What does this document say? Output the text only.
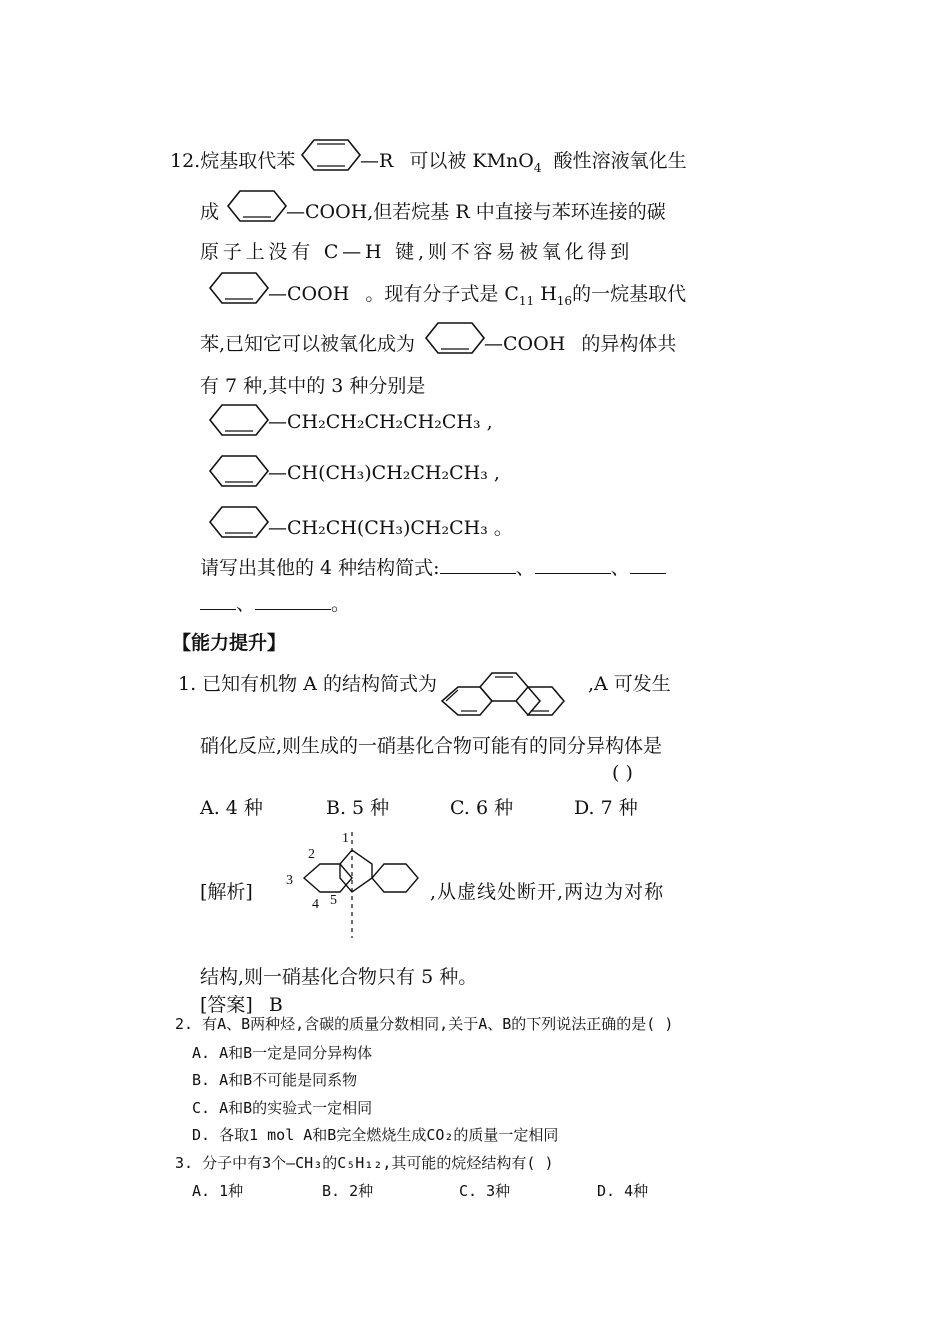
12.烷基取代苯	—R 可以被 KMnO$_4$ 酸性溶液氧化生
成	—COOH,但若烷基 R 中直接与苯环连接的碳
原子上没有 C—H 键,则不容易被氧化得到
—COOH 。现有分子式是 $C_{11}$ $H_{16}$的一烷基取代
苯,已知它可以被氧化成为	—COOH 的异构体共
有 7 种,其中的 3 种分别是
—CH₂CH₂CH₂CH₂CH₃ ,
—CH(CH₃)CH₂CH₂CH₃ ,
—CH₂CH(CH₃)CH₂CH₃ 。
请写出其他的 4 种结构简式:	、	、
、	。
【能力提升】
1. 已知有机物 A 的结构简式为	,A 可发生
硝化反应,则生成的一硝基化合物可能有的同分异构体是
( )
A. 4 种	B. 5 种	C. 6 种	D. 7 种
[解析]
1
2
3
4 5	,从虚线处断开,两边为对称
结构,则一硝基化合物只有 5 种。
[答案] B
2. 有A、B两种烃,含碳的质量分数相同,关于A、B的下列说法正确的是( )
A. A和B一定是同分异构体
B. A和B不可能是同系物
C. A和B的实验式一定相同
D. 各取1 mol A和B完全燃烧生成CO₂的质量一定相同
3. 分子中有3个—CH₃的C₅H₁₂,其可能的烷烃结构有( )
A. 1种	B. 2种	C. 3种	D. 4种
